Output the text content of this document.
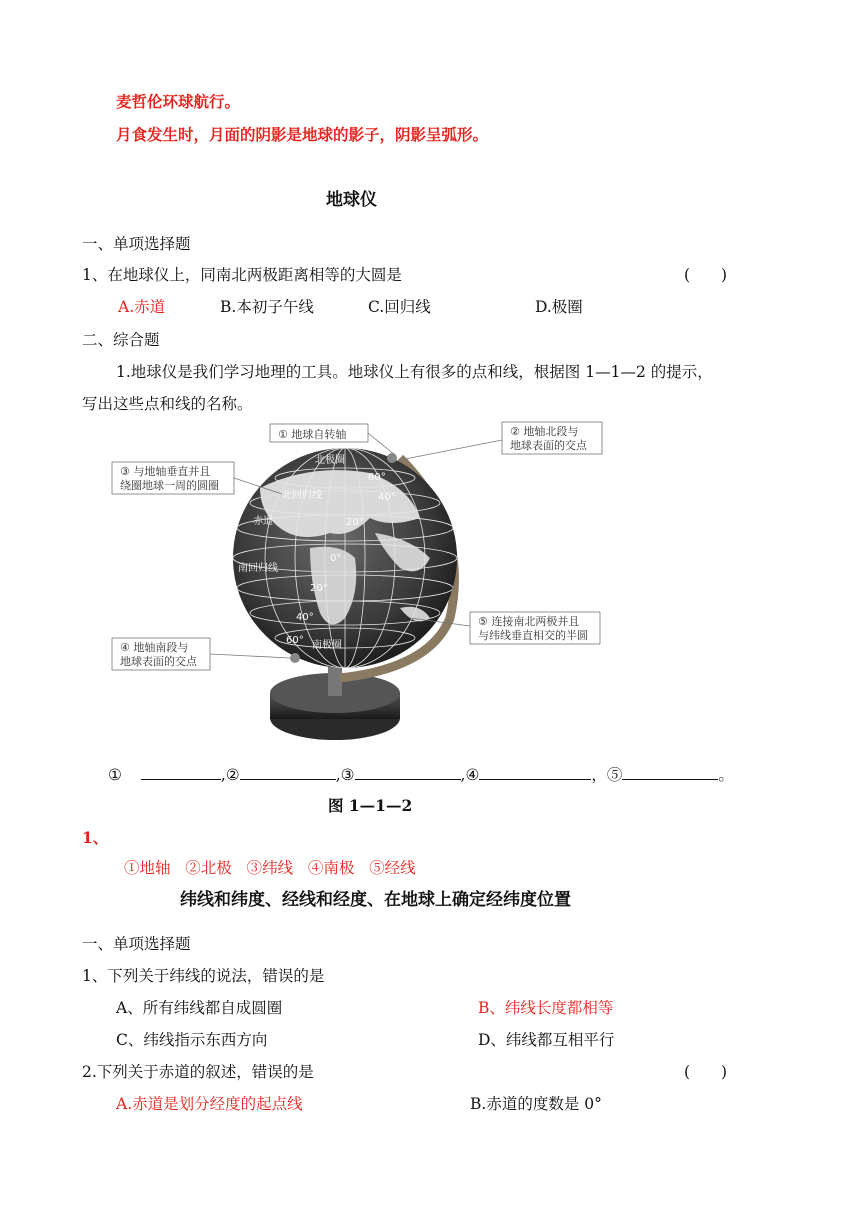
麦哲伦环球航行。
月食发生时，月面的阴影是地球的影子，阴影呈弧形。
地球仪
一、单项选择题
1、在地球仪上，同南北两极距离相等的大圆是	(　　)
A.赤道	B.本初子午线	C.回归线	D.极圈
二、综合题
1.地球仪是我们学习地理的工具。地球仪上有很多的点和线，根据图 1—1—2 的提示，
写出这些点和线的名称。
北极圈
60°
北回归线	40°
20°
赤道
0°
南回归线
20°
40°
60° 南极圈
① 地球自转轴	② 地轴北段与
地球表面的交点
③ 与地轴垂直并且
绕圈地球一周的圆圈
④ 地轴南段与
地球表面的交点
⑤ 连接南北两极并且
与纬线垂直相交的半圆
①	,②	,③	,④	，⑤	。
图 1—1—2
1、
①地轴   ②北极   ③纬线   ④南极   ⑤经线
纬线和纬度、经线和经度、在地球上确定经纬度位置
一、单项选择题
1、下列关于纬线的说法，错误的是
A、所有纬线都自成圆圈	B、纬线长度都相等
C、纬线指示东西方向	D、纬线都互相平行
2.下列关于赤道的叙述，错误的是	(　　)
A.赤道是划分经度的起点线	B.赤道的度数是 0°
